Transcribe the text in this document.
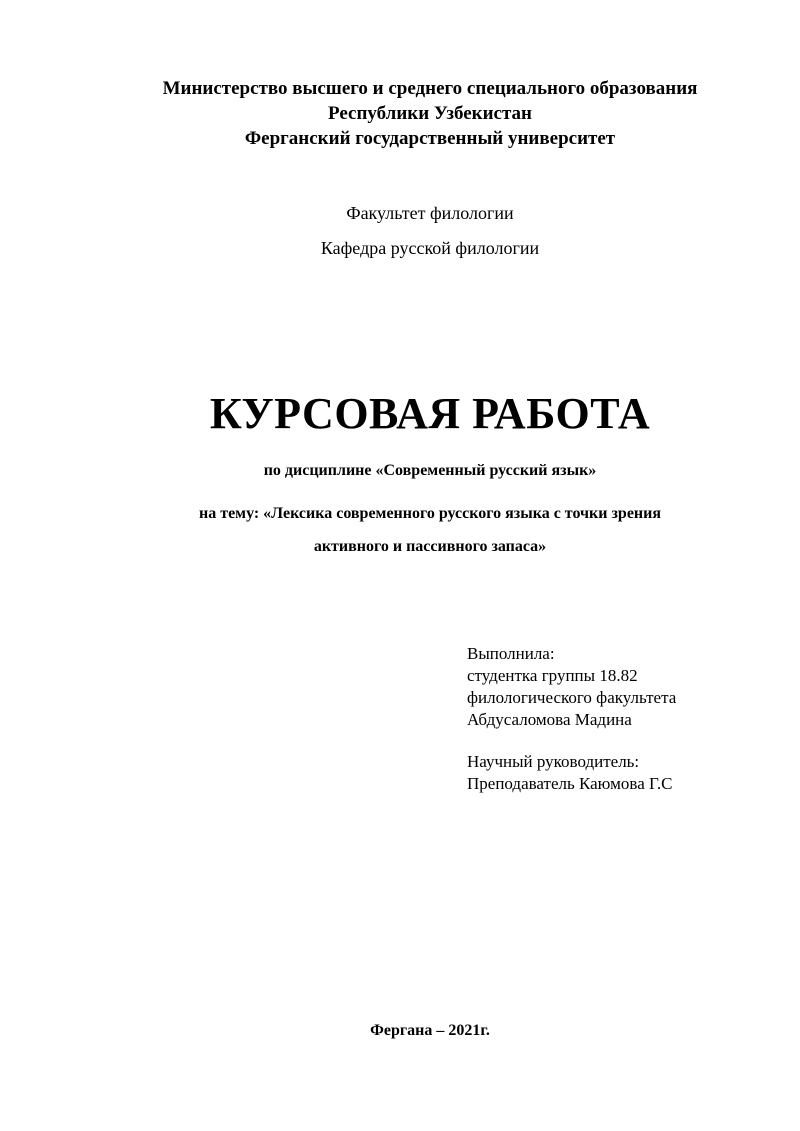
Министерство высшего и среднего специального образования

Республики Узбекистан

Ферганский государственный университет

Факультет филологии

Кафедра русской филологии

КУРСОВАЯ РАБОТА

по дисциплине «Современный русский язык»

на тему: «Лексика современного русского языка с точки зрения

активного и пассивного запаса»

Выполнила:
студентка группы 18.82
филологического факультета
Абдусаломова Мадина
Научный руководитель:
Преподаватель Каюмова Г.С

Фергана – 2021г.
